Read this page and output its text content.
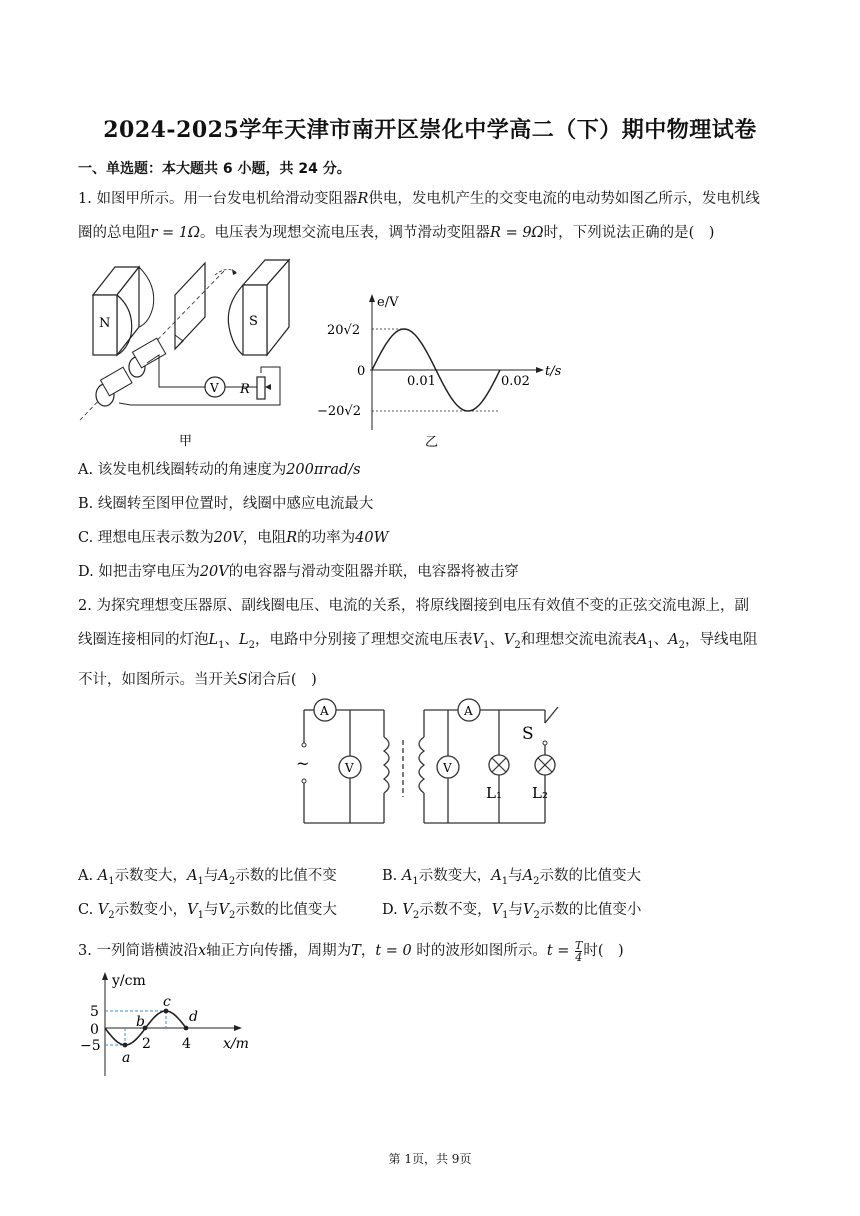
2024-2025学年天津市南开区崇化中学高二（下）期中物理试卷
一、单选题：本大题共 6 小题，共 24 分。
1. 如图甲所示。用一台发电机给滑动变阻器R供电，发电机产生的交变电流的电动势如图乙所示，发电机线
圈的总电阻r = 1Ω。电压表为现想交流电压表，调节滑动变阻器R = 9Ω时，下列说法正确的是(　)
N	S
V R
甲
e/V
t/s
20√2
0
−20√2
0.01	0.02
乙
A. 该发电机线圈转动的角速度为200πrad/s
B. 线圈转至图甲位置时，线圈中感应电流最大
C. 理想电压表示数为20V，电阻R的功率为40W
D. 如把击穿电压为20V的电容器与滑动变阻器并联，电容器将被击穿
2. 为探究理想变压器原、副线圈电压、电流的关系，将原线圈接到电压有效值不变的正弦交流电源上，副
线圈连接相同的灯泡$L_1$、$L_2$，电路中分别接了理想交流电压表$V_1$、$V_2$和理想交流电流表$A_1$、$A_2$，导线电阻
不计，如图所示。当开关S闭合后(　)
~
A
V
A
V
S
L₁ L₂
A. $A_1$示数变大，$A_1$与$A_2$示数的比值不变	B. $A_1$示数变大，$A_1$与$A_2$示数的比值变大
C. $V_2$示数变小，$V_1$与$V_2$示数的比值变大	D. $V_2$示数不变，$V_1$与$V_2$示数的比值变小
3. 一列简谐横波沿x轴正方向传播，周期为T，t = 0 时的波形如图所示。$t = \frac{T}{4}$ 时(　)
y/cm
x/m
5
0
−5	2 4
a
b
c
d
第 1页，共 9页
